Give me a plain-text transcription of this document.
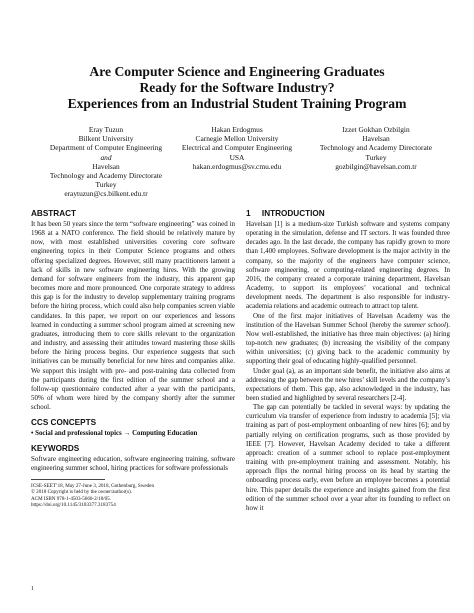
Are Computer Science and Engineering Graduates
Ready for the Software Industry?
Experiences from an Industrial Student Training Program
Eray Tuzun
Bilkent University
Department of Computer Engineering
and
Havelsan
Technology and Academy Directorate
Turkey
eraytuzun@cs.bilkent.edu.tr
Hakan Erdogmus
Carnegie Mellon University
Electrical and Computer Engineering
USA
hakan.erdogmus@sv.cmu.edu
Izzet Gokhan Ozbilgin
Havelsan
Technology and Academy Directorate
Turkey
gozbilgin@havelsan.com.tr
ABSTRACT

It has been 50 years since the term “software engineering” was coined in 1968 at a NATO conference. The field should be relatively mature by now, with most established universities covering core software engineering topics in their Computer Science programs and others offering specialized degrees. However, still many practitioners lament a lack of skills in new software engineering hires. With the growing demand for software engineers from the industry, this apparent gap becomes more and more pronounced. One corporate strategy to address this gap is for the industry to develop supplementary training programs before the hiring process, which could also help companies screen viable candidates. In this paper, we report on our experiences and lessons learned in conducting a summer school program aimed at screening new graduates, introducing them to core skills relevant to the organization and industry, and assessing their attitudes toward mastering those skills before the hiring process begins. Our experience suggests that such initiatives can be mutually beneficial for new hires and companies alike. We support this insight with pre- and post-training data collected from the participants during the first edition of the summer school and a follow-up questionnaire conducted after a year with the participants, 50% of whom were hired by the company shortly after the summer school.

CCS CONCEPTS
• Social and professional topics → Computing Education
KEYWORDS

Software engineering education, software engineering training, software engineering summer school, hiring practices for software professionals

ICSE-SEET’18, May 27-June 3, 2018, Gothenburg, Sweden
© 2018 Copyright is held by the owner/author(s).
ACM ISBN 978-1-4503-5660-2/18/05.
https://doi.org/10.1145/3183377.3183754
1
1     INTRODUCTION

Havelsan [1] is a medium-size Turkish software and systems company operating in the simulation, defense and IT sectors. It was founded three decades ago. In the last decade, the company has rapidly grown to more than 1,400 employees. Software development is the major activity in the company, so the majority of the engineers have computer science, software engineering, or computing-related engineering degrees. In 2016, the company created a corporate training department, Havelsan Academy, to support its employees’ vocational and technical development needs. The department is also responsible for industry-academia relations and academic outreach to attract top talent.

One of the first major initiatives of Havelsan Academy was the institution of the Havelsan Summer School (hereby the summer school). Now well-established, the initiative has three main objectives: (a) hiring top-notch new graduates; (b) increasing the visibility of the company within universities; (c) giving back to the academic community by supporting their goal of educating highly-qualified personnel.

Under goal (a), as an important side benefit, the initiative also aims at addressing the gap between the new hires’ skill levels and the company’s expectations of them. This gap, also acknowledged in the industry, has been studied and highlighted by several researchers [2-4].

The gap can potentially be tackled in several ways: by updating the curriculum via transfer of experience from industry to academia [5]; via training as part of post-employment onboarding of new hires [6]; and by partially relying on certification programs, such as those provided by IEEE [7]. However, Havelsan Academy decided to take a different approach: creation of a summer school to replace post-employment training with pre-employment training and assessment. Notably, his approach flips the normal hiring process on its head by starting the onboarding process early, even before an employee becomes a potential hire. This paper details the experience and insights gained from the first edition of the summer school over a year after its founding to reflect on how it
